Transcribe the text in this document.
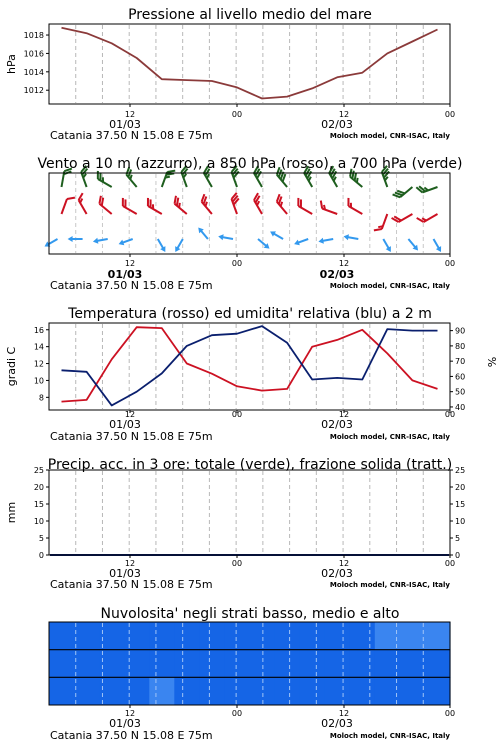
1012
1014
1016
1018
Pressione al livello medio del mare
12	00	12	00
01/03	02/03
Catania 37.50 N 15.08 E 75m	Moloch model, CNR-ISAC, Italy
hPa
Vento a 10 m (azzurro), a 850 hPa (rosso), a 700 hPa (verde)
12	00	12	00
01/03	02/03
Catania 37.50 N 15.08 E 75m	Moloch model, CNR-ISAC, Italy
8
10
12
14
16
40
50
60
70
80
90
Temperatura (rosso) ed umidita' relativa (blu) a 2 m
12	00	12	00
01/03	02/03
Catania 37.50 N 15.08 E 75m	Moloch model, CNR-ISAC, Italy
gradi C	%
0
5
10
15
20
25
0
5
10
15
20
25
Precip. acc. in 3 ore: totale (verde), frazione solida (tratt.)
12	00	12	00
01/03	02/03
Catania 37.50 N 15.08 E 75m	Moloch model, CNR-ISAC, Italy
mm
Nuvolosita' negli strati basso, medio e alto
12	00	12	00
01/03	02/03
Catania 37.50 N 15.08 E 75m	Moloch model, CNR-ISAC, Italy
